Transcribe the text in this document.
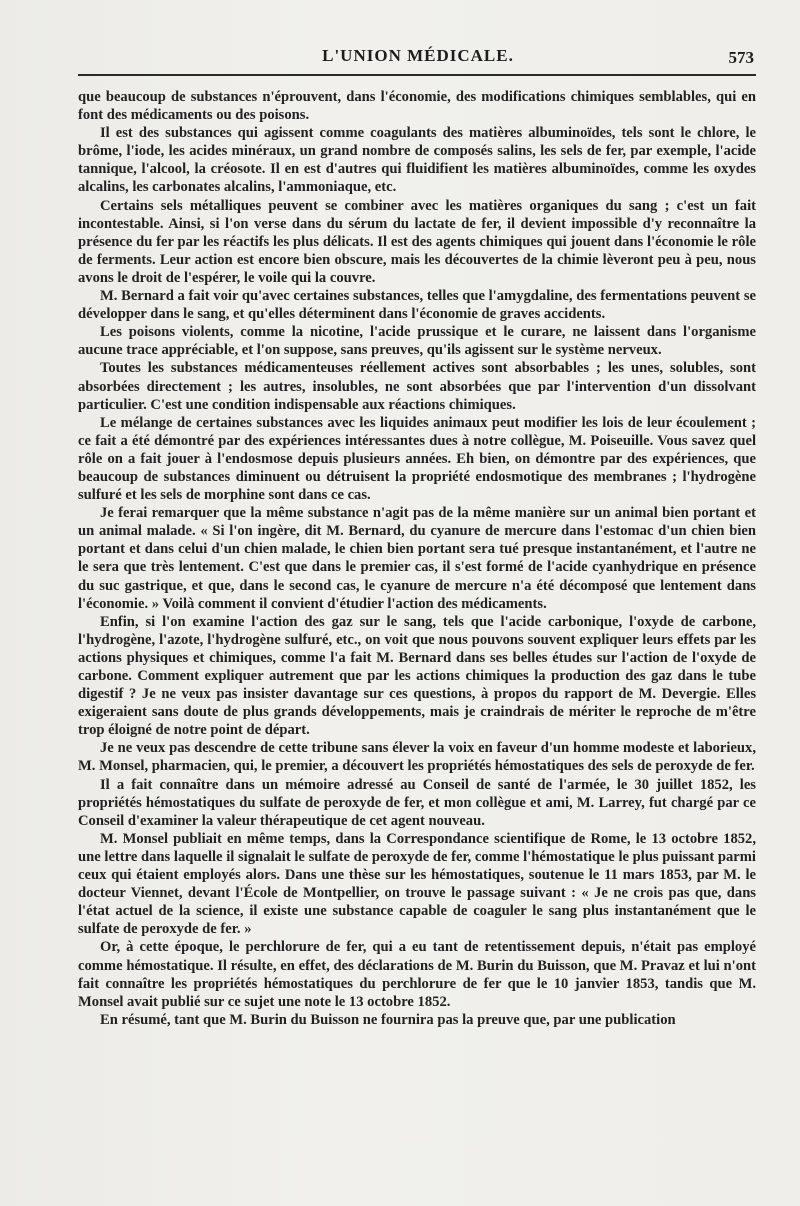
L'UNION MÉDICALE.	573

que beaucoup de substances n'éprouvent, dans l'économie, des modifications chimiques semblables, qui en font des médicaments ou des poisons.

Il est des substances qui agissent comme coagulants des matières albuminoïdes, tels sont le chlore, le brôme, l'iode, les acides minéraux, un grand nombre de composés salins, les sels de fer, par exemple, l'acide tannique, l'alcool, la créosote. Il en est d'autres qui fluidifient les matières albuminoïdes, comme les oxydes alcalins, les carbonates alcalins, l'ammoniaque, etc.

Certains sels métalliques peuvent se combiner avec les matières organiques du sang ; c'est un fait incontestable. Ainsi, si l'on verse dans du sérum du lactate de fer, il devient impossible d'y reconnaître la présence du fer par les réactifs les plus délicats. Il est des agents chimiques qui jouent dans l'économie le rôle de ferments. Leur action est encore bien obscure, mais les découvertes de la chimie lèveront peu à peu, nous avons le droit de l'espérer, le voile qui la couvre.

M. Bernard a fait voir qu'avec certaines substances, telles que l'amygdaline, des fermentations peuvent se développer dans le sang, et qu'elles déterminent dans l'économie de graves accidents.

Les poisons violents, comme la nicotine, l'acide prussique et le curare, ne laissent dans l'organisme aucune trace appréciable, et l'on suppose, sans preuves, qu'ils agissent sur le système nerveux.

Toutes les substances médicamenteuses réellement actives sont absorbables ; les unes, solubles, sont absorbées directement ; les autres, insolubles, ne sont absorbées que par l'intervention d'un dissolvant particulier. C'est une condition indispensable aux réactions chimiques.

Le mélange de certaines substances avec les liquides animaux peut modifier les lois de leur écoulement ; ce fait a été démontré par des expériences intéressantes dues à notre collègue, M. Poiseuille. Vous savez quel rôle on a fait jouer à l'endosmose depuis plusieurs années. Eh bien, on démontre par des expériences, que beaucoup de substances diminuent ou détruisent la propriété endosmotique des membranes ; l'hydrogène sulfuré et les sels de morphine sont dans ce cas.

Je ferai remarquer que la même substance n'agit pas de la même manière sur un animal bien portant et un animal malade. « Si l'on ingère, dit M. Bernard, du cyanure de mercure dans l'estomac d'un chien bien portant et dans celui d'un chien malade, le chien bien portant sera tué presque instantanément, et l'autre ne le sera que très lentement. C'est que dans le premier cas, il s'est formé de l'acide cyanhydrique en présence du suc gastrique, et que, dans le second cas, le cyanure de mercure n'a été décomposé que lentement dans l'économie. » Voilà comment il convient d'étudier l'action des médicaments.

Enfin, si l'on examine l'action des gaz sur le sang, tels que l'acide carbonique, l'oxyde de carbone, l'hydrogène, l'azote, l'hydrogène sulfuré, etc., on voit que nous pouvons souvent expliquer leurs effets par les actions physiques et chimiques, comme l'a fait M. Bernard dans ses belles études sur l'action de l'oxyde de carbone. Comment expliquer autrement que par les actions chimiques la production des gaz dans le tube digestif ? Je ne veux pas insister davantage sur ces questions, à propos du rapport de M. Devergie. Elles exigeraient sans doute de plus grands développements, mais je craindrais de mériter le reproche de m'être trop éloigné de notre point de départ.

Je ne veux pas descendre de cette tribune sans élever la voix en faveur d'un homme modeste et laborieux, M. Monsel, pharmacien, qui, le premier, a découvert les propriétés hémostatiques des sels de peroxyde de fer.

Il a fait connaître dans un mémoire adressé au Conseil de santé de l'armée, le 30 juillet 1852, les propriétés hémostatiques du sulfate de peroxyde de fer, et mon collègue et ami, M. Larrey, fut chargé par ce Conseil d'examiner la valeur thérapeutique de cet agent nouveau.

M. Monsel publiait en même temps, dans la Correspondance scientifique de Rome, le 13 octobre 1852, une lettre dans laquelle il signalait le sulfate de peroxyde de fer, comme l'hémostatique le plus puissant parmi ceux qui étaient employés alors. Dans une thèse sur les hémostatiques, soutenue le 11 mars 1853, par M. le docteur Viennet, devant l'École de Montpellier, on trouve le passage suivant : « Je ne crois pas que, dans l'état actuel de la science, il existe une substance capable de coaguler le sang plus instantanément que le sulfate de peroxyde de fer. »

Or, à cette époque, le perchlorure de fer, qui a eu tant de retentissement depuis, n'était pas employé comme hémostatique. Il résulte, en effet, des déclarations de M. Burin du Buisson, que M. Pravaz et lui n'ont fait connaître les propriétés hémostatiques du perchlorure de fer que le 10 janvier 1853, tandis que M. Monsel avait publié sur ce sujet une note le 13 octobre 1852.

En résumé, tant que M. Burin du Buisson ne fournira pas la preuve que, par une publication
